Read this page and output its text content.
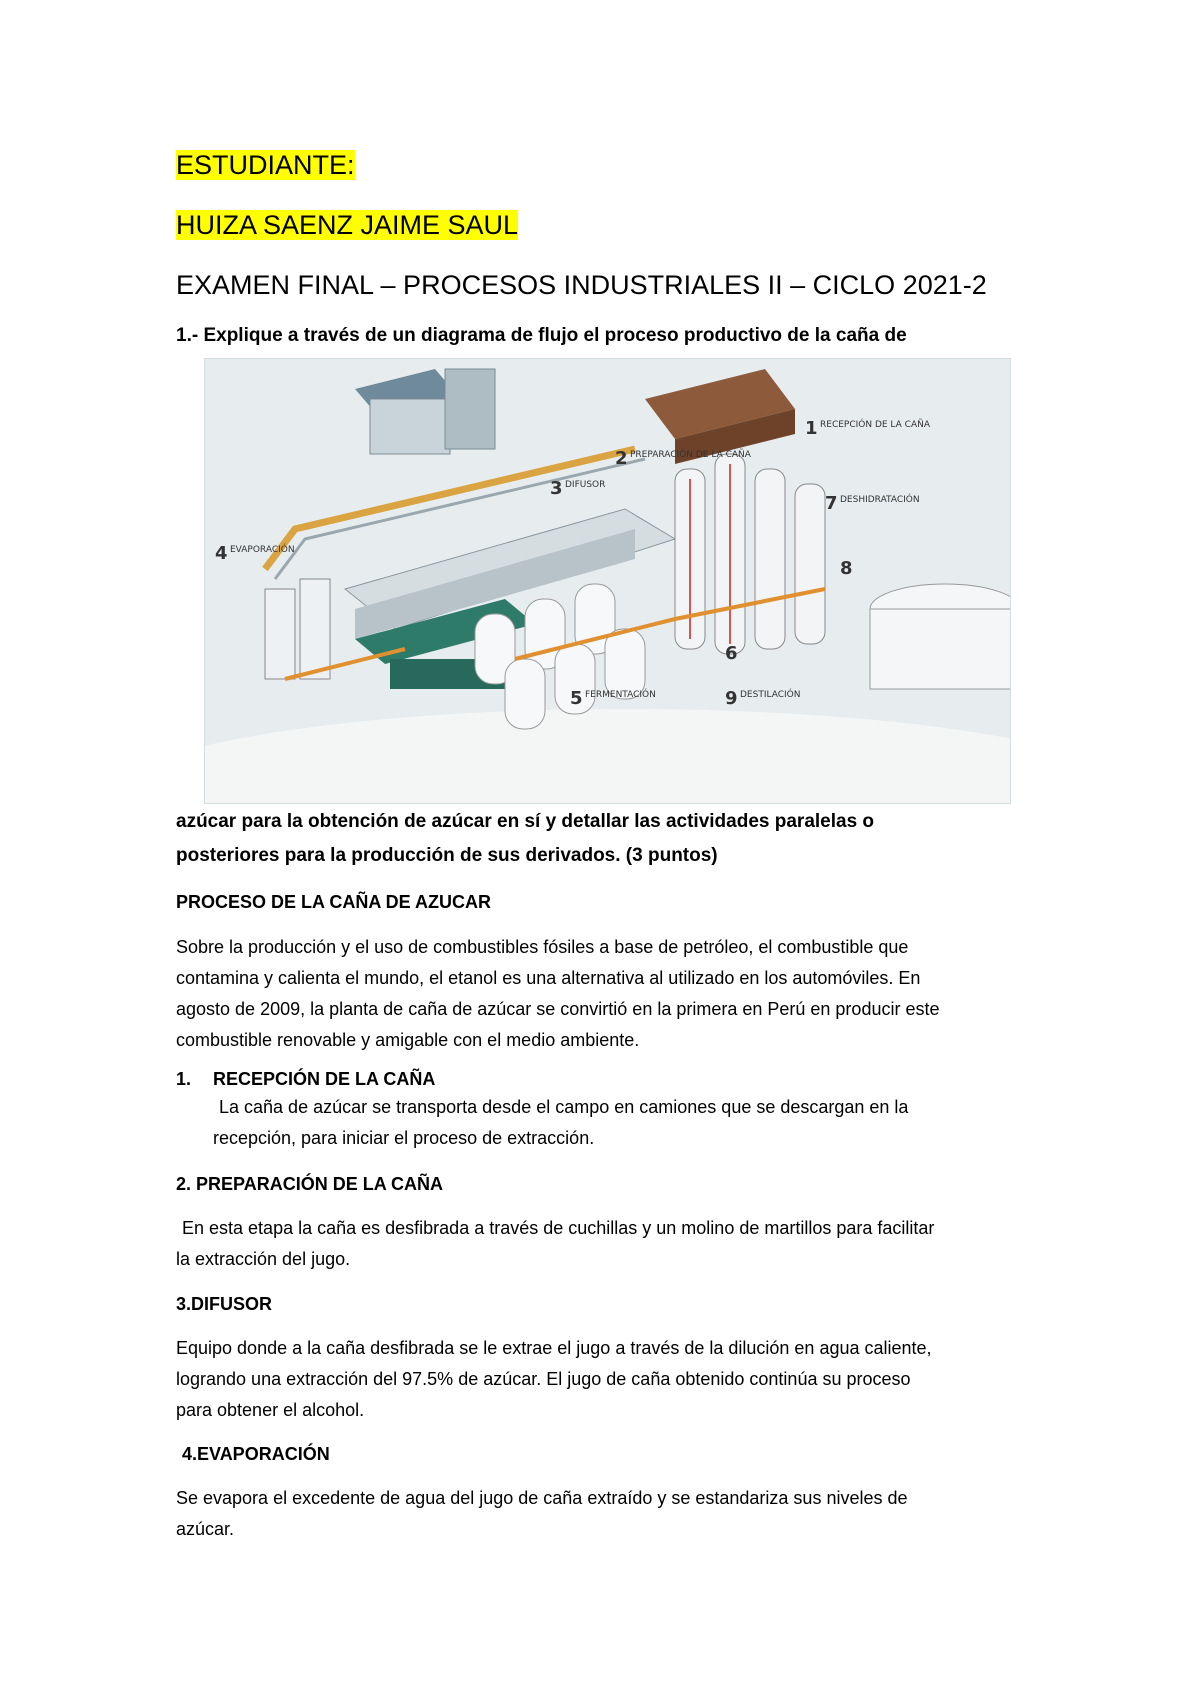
ESTUDIANTE:
HUIZA SAENZ JAIME SAUL
EXAMEN FINAL – PROCESOS INDUSTRIALES II – CICLO 2021-2
1.- Explique a través de un diagrama de flujo el proceso productivo de la caña de
1 RECEPCIÓN DE LA CAÑA
2 PREPARACIÓN DE LA CAÑA
3 DIFUSOR
4 EVAPORACIÓN
5 FERMENTACIÓN
6
7 DESHIDRATACIÓN
8
9 DESTILACIÓN
azúcar para la obtención de azúcar en sí y detallar las actividades paralelas o
posteriores para la producción de sus derivados. (3 puntos)
PROCESO DE LA CAÑA DE AZUCAR

Sobre la producción y el uso de combustibles fósiles a base de petróleo, el combustible que

contamina y calienta el mundo, el etanol es una alternativa al utilizado en los automóviles. En

agosto de 2009, la planta de caña de azúcar se convirtió en la primera en Perú en producir este

combustible renovable y amigable con el medio ambiente.

1. RECEPCIÓN DE LA CAÑA

La caña de azúcar se transporta desde el campo en camiones que se descargan en la

recepción, para iniciar el proceso de extracción.

2. PREPARACIÓN DE LA CAÑA

En esta etapa la caña es desfibrada a través de cuchillas y un molino de martillos para facilitar

la extracción del jugo.

3.DIFUSOR

Equipo donde a la caña desfibrada se le extrae el jugo a través de la dilución en agua caliente,

logrando una extracción del 97.5% de azúcar. El jugo de caña obtenido continúa su proceso

para obtener el alcohol.

4.EVAPORACIÓN

Se evapora el excedente de agua del jugo de caña extraído y se estandariza sus niveles de

azúcar.
